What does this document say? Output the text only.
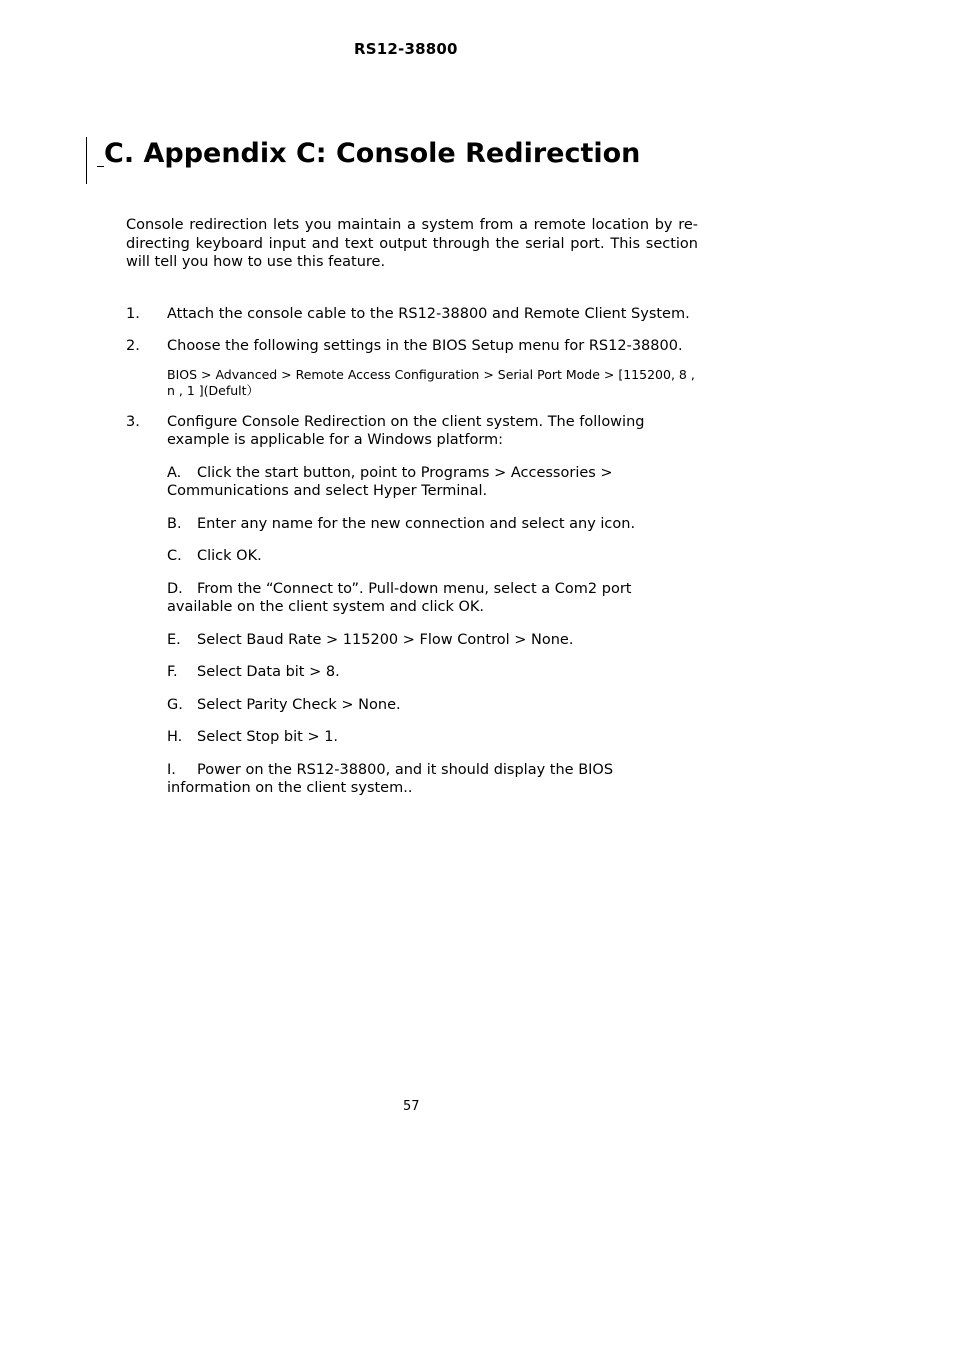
RS12-38800
C. Appendix C: Console Redirection

Console redirection lets you maintain a system from a remote location by re-directing keyboard input and text output through the serial port. This section will tell you how to use this feature.

1.	Attach the console cable to the RS12-38800 and Remote Client System.

2.	Choose the following settings in the BIOS Setup menu for RS12-38800.

BIOS > Advanced > Remote Access Configuration > Serial Port Mode > [115200, 8 , n , 1 ](Defult）

3.	Configure Console Redirection on the client system. The following example is applicable for a Windows platform:

A. Click the start button, point to Programs > Accessories > Communications and select Hyper Terminal.

B. Enter any name for the new connection and select any icon.

C. Click OK.

D. From the “Connect to”. Pull-down menu, select a Com2 port available on the client system and click OK.

E. Select Baud Rate > 115200 > Flow Control > None.

F. Select Data bit > 8.

G. Select Parity Check > None.

H. Select Stop bit > 1.

I. Power on the RS12-38800, and it should display the BIOS information on the client system..

57
